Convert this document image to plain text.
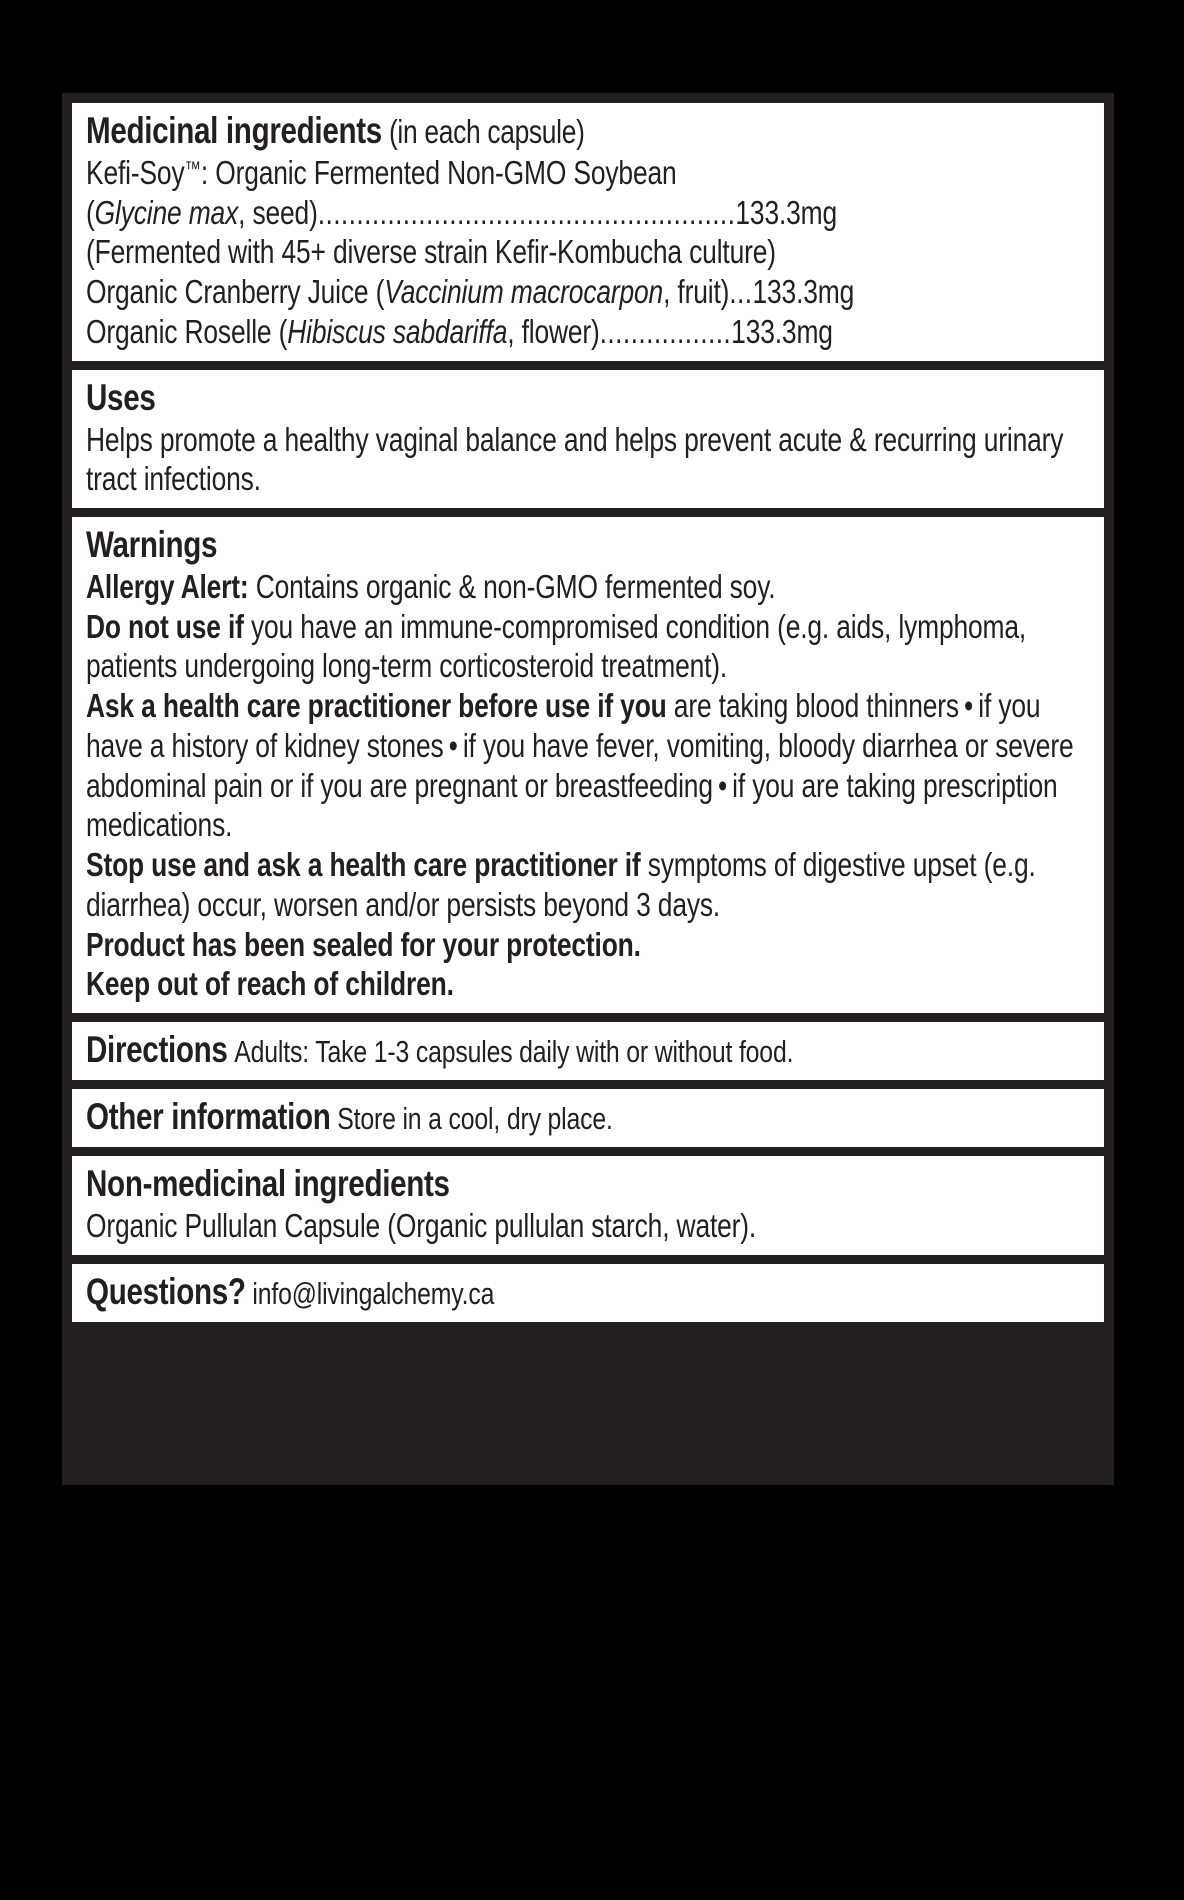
Medicinal ingredients (in each capsule)
Kefi-Soy™: Organic Fermented Non-GMO Soybean
(Glycine max, seed)......................................................133.3mg
(Fermented with 45+ diverse strain Kefir-Kombucha culture)
Organic Cranberry Juice (Vaccinium macrocarpon, fruit)...133.3mg
Organic Roselle (Hibiscus sabdariffa, flower).................133.3mg
Uses
Helps promote a healthy vaginal balance and helps prevent acute & recurring urinary tract infections.
Warnings
Allergy Alert: Contains organic & non-GMO fermented soy.
Do not use if you have an immune-compromised condition (e.g. aids, lymphoma, patients undergoing long-term corticosteroid treatment).
Ask a health care practitioner before use if you are taking blood thinners • if you have a history of kidney stones • if you have fever, vomiting, bloody diarrhea or severe abdominal pain or if you are pregnant or breastfeeding • if you are taking prescription medications.
Stop use and ask a health care practitioner if symptoms of digestive upset (e.g. diarrhea) occur, worsen and/or persists beyond 3 days.
Product has been sealed for your protection.
Keep out of reach of children.
Directions Adults: Take 1-3 capsules daily with or without food.
Other information Store in a cool, dry place.
Non-medicinal ingredients
Organic Pullulan Capsule (Organic pullulan starch, water).
Questions? info@livingalchemy.ca
